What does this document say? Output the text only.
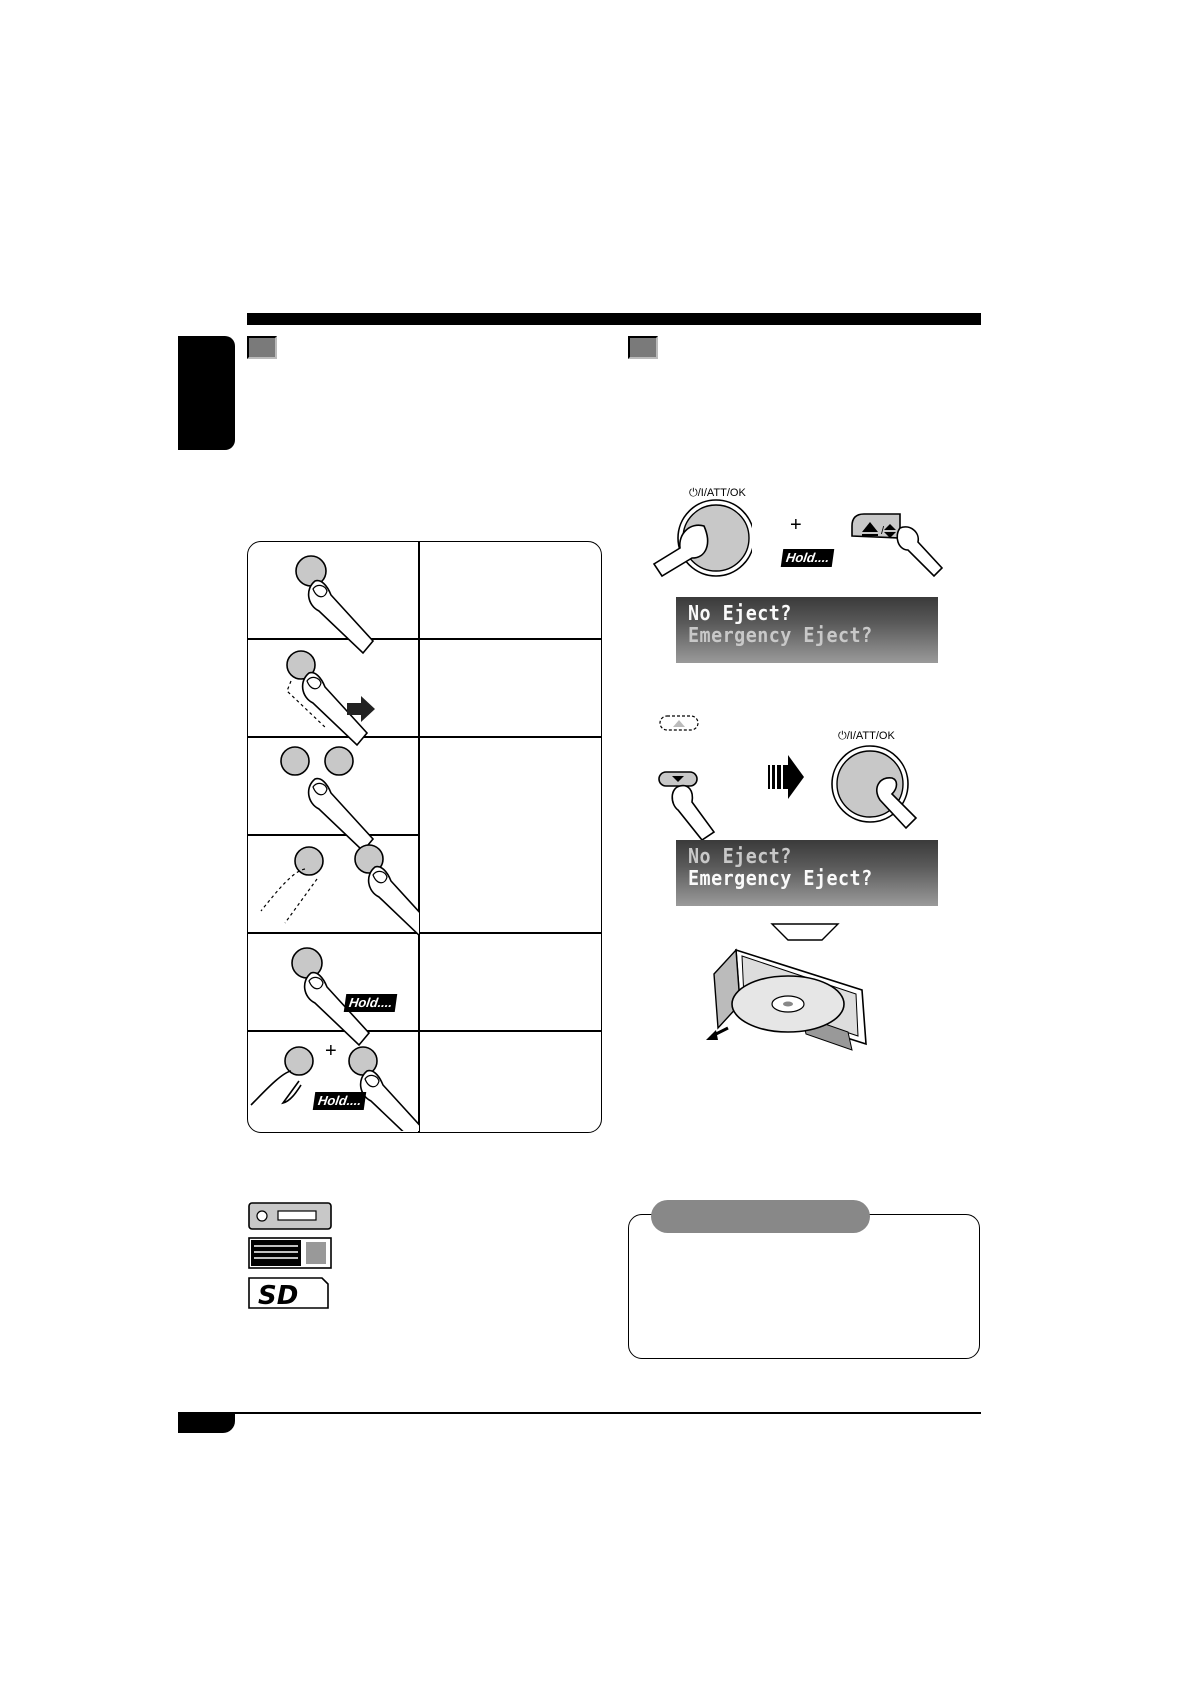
Hold....
+
Hold....
SD
⏻/I/ATT/OK
+
Hold....
/
No Eject?
Emergency Eject?
⏻/I/ATT/OK
No Eject?
Emergency Eject?
